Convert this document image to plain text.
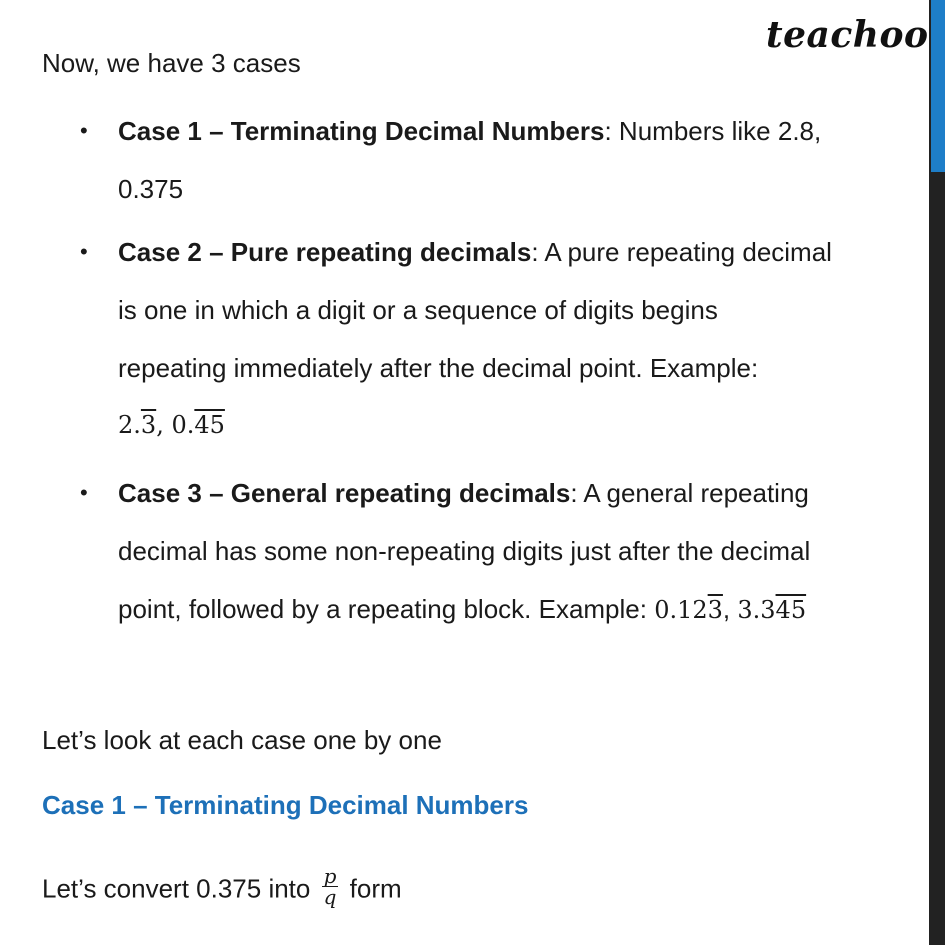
teachoo
Now, we have 3 cases
• Case 1 – Terminating Decimal Numbers: Numbers like 2.8,
0.375
• Case 2 – Pure repeating decimals: A pure repeating decimal
is one in which a digit or a sequence of digits begins
repeating immediately after the decimal point. Example:
2.3, 0.45
• Case 3 – General repeating decimals: A general repeating
decimal has some non-repeating digits just after the decimal
point, followed by a repeating block. Example: 0.123, 3.345
Let’s look at each case one by one
Case 1 – Terminating Decimal Numbers
Let’s convert 0.375 into $\frac{p}{q}$ form
